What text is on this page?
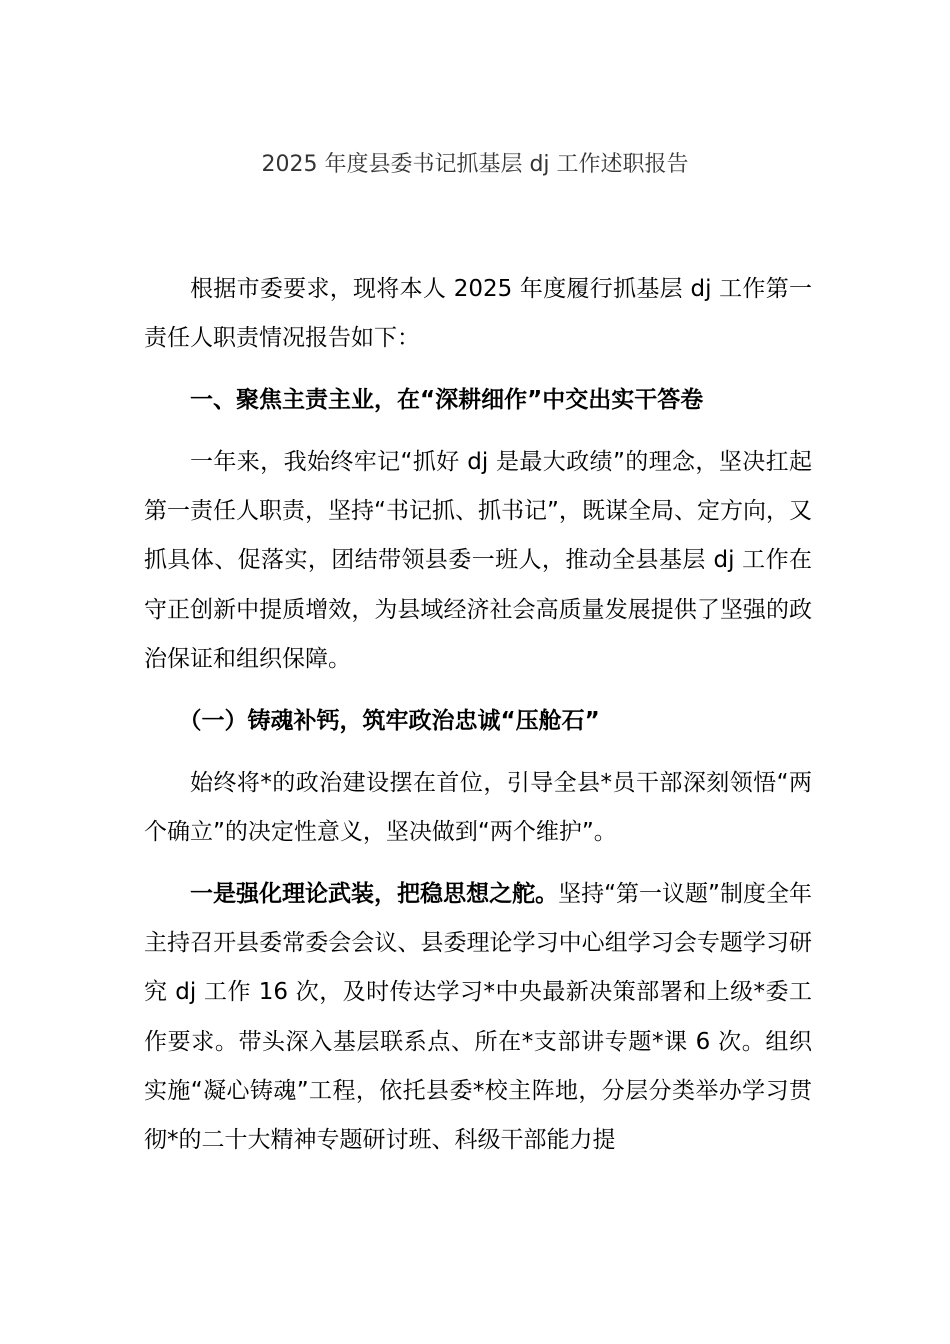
2025 年度县委书记抓基层 dj 工作述职报告

根据市委要求，现将本人 2025 年度履行抓基层 dj 工作第一责任人职责情况报告如下：

一、聚焦主责主业，在“深耕细作”中交出实干答卷

一年来，我始终牢记“抓好 dj 是最大政绩”的理念，坚决扛起第一责任人职责，坚持“书记抓、抓书记”，既谋全局、定方向，又抓具体、促落实，团结带领县委一班人，推动全县基层 dj 工作在守正创新中提质增效，为县域经济社会高质量发展提供了坚强的政治保证和组织保障。

（一）铸魂补钙，筑牢政治忠诚“压舱石”

始终将*的政治建设摆在首位，引导全县*员干部深刻领悟“两个确立”的决定性意义，坚决做到“两个维护”。

一是强化理论武装，把稳思想之舵。坚持“第一议题”制度全年主持召开县委常委会会议、县委理论学习中心组学习会专题学习研究 dj 工作 16 次，及时传达学习*中央最新决策部署和上级*委工作要求。带头深入基层联系点、所在*支部讲专题*课 6 次。组织实施“凝心铸魂”工程，依托县委*校主阵地，分层分类举办学习贯彻*的二十大精神专题研讨班、科级干部能力提
